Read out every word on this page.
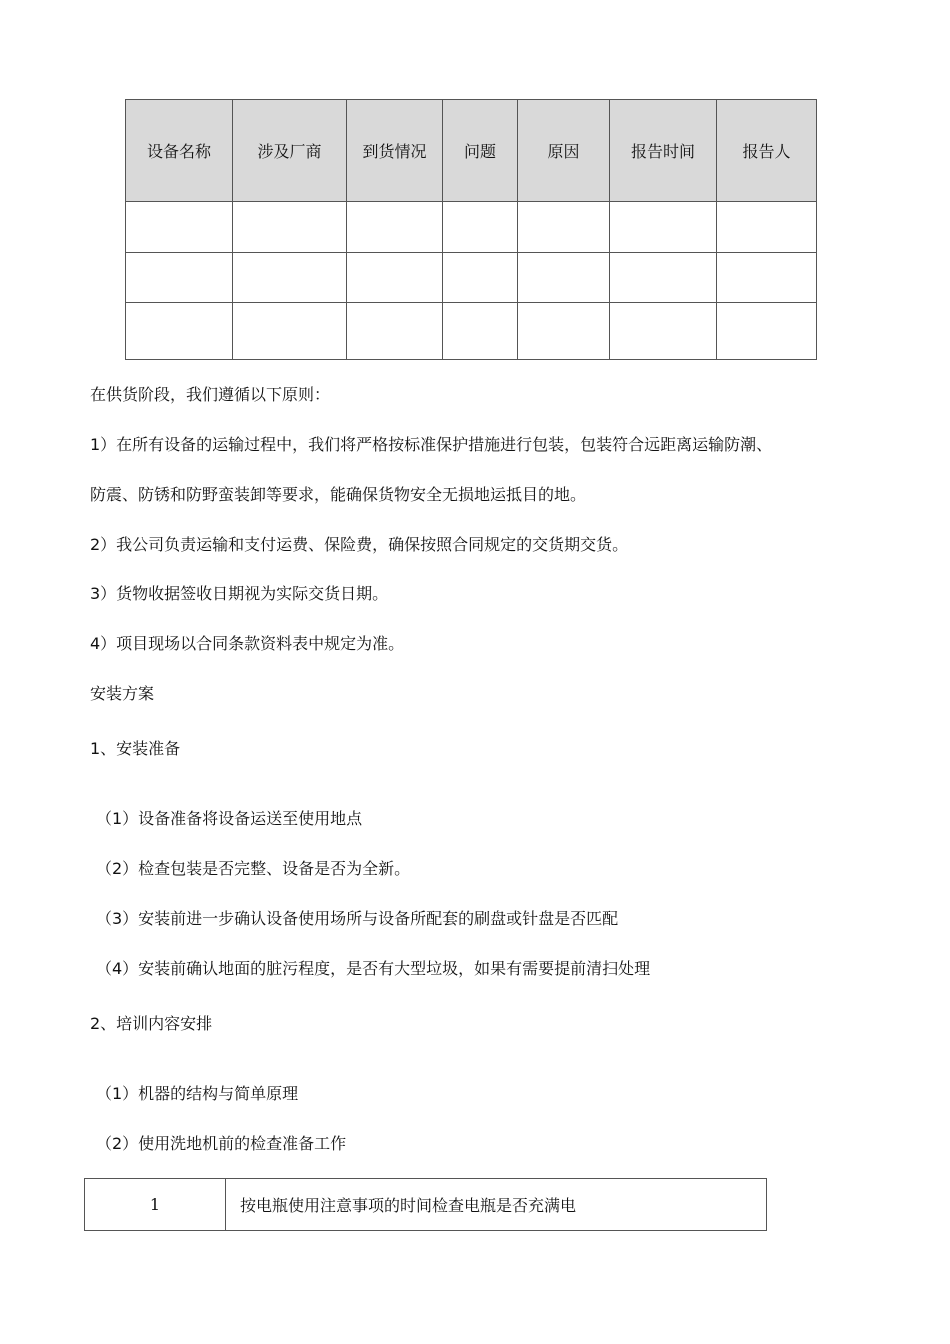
设备名称	涉及厂商	到货情况	问题	原因	报告时间	报告人

在供货阶段，我们遵循以下原则：
1）在所有设备的运输过程中，我们将严格按标准保护措施进行包装，包装符合远距离运输防潮、
防震、防锈和防野蛮装卸等要求，能确保货物安全无损地运抵目的地。
2）我公司负责运输和支付运费、保险费，确保按照合同规定的交货期交货。
3）货物收据签收日期视为实际交货日期。
4）项目现场以合同条款资料表中规定为准。
安装方案
1、安装准备
（1）设备准备将设备运送至使用地点
（2）检查包装是否完整、设备是否为全新。
（3）安装前进一步确认设备使用场所与设备所配套的刷盘或针盘是否匹配
（4）安装前确认地面的脏污程度，是否有大型垃圾，如果有需要提前清扫处理
2、培训内容安排
（1）机器的结构与简单原理
（2）使用洗地机前的检查准备工作
1	按电瓶使用注意事项的时间检查电瓶是否充满电
